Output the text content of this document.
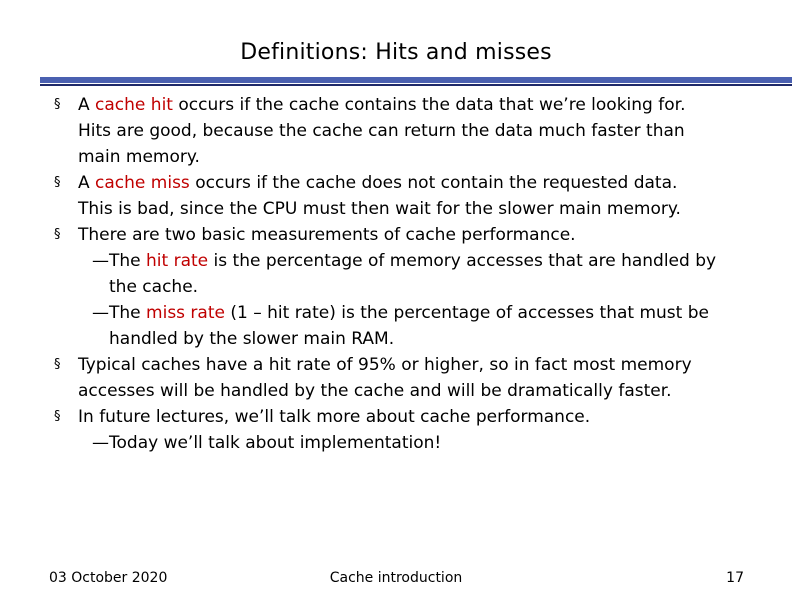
Definitions: Hits and misses
§ A cache hit occurs if the cache contains the data that we’re looking for.
Hits are good, because the cache can return the data much faster than
main memory.
§ A cache miss occurs if the cache does not contain the requested data.
This is bad, since the CPU must then wait for the slower main memory.
§ There are two basic measurements of cache performance.
— The hit rate is the percentage of memory accesses that are handled by
the cache.
— The miss rate (1 – hit rate) is the percentage of accesses that must be
handled by the slower main RAM.
§ Typical caches have a hit rate of 95% or higher, so in fact most memory
accesses will be handled by the cache and will be dramatically faster.
§ In future lectures, we’ll talk more about cache performance.
— Today we’ll talk about implementation!
03 October 2020	Cache introduction	17
